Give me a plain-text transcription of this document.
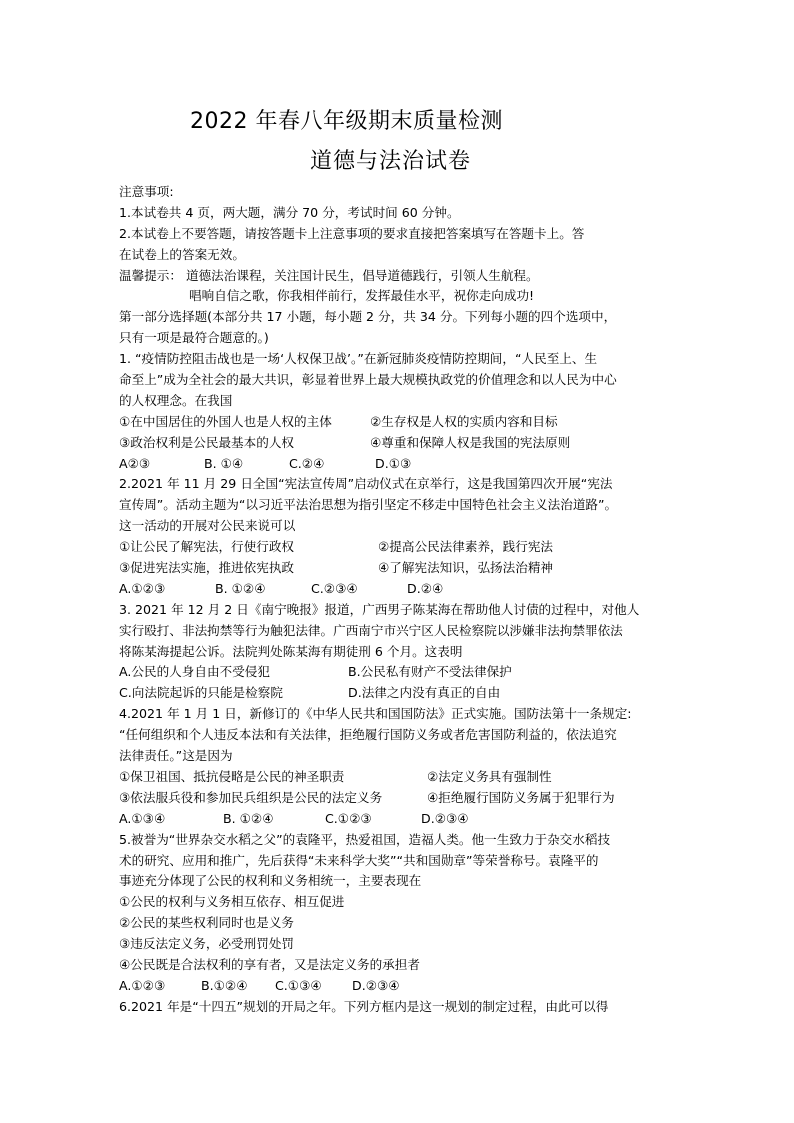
2022 年春八年级期末质量检测
道德与法治试卷
注意事项:
1.本试卷共 4 页，两大题，满分 70 分，考试时间 60 分钟。
2.本试卷上不要答题，请按答题卡上注意事项的要求直接把答案填写在答题卡上。答
在试卷上的答案无效。
温馨提示： 道德法治课程，关注国计民生，倡导道德践行，引领人生航程。
唱响自信之歌，你我相伴前行，发挥最佳水平，祝你走向成功!
第一部分选择题(本部分共 17 小题，每小题 2 分，共 34 分。下列每小题的四个选项中，
只有一项是最符合题意的。)
1. “疫情防控阻击战也是一场‘人权保卫战’。”在新冠肺炎疫情防控期间，“人民至上、生
命至上”成为全社会的最大共识，彰显着世界上最大规模执政党的价值理念和以人民为中心
的人权理念。在我国
①在中国居住的外国人也是人权的主体	②生存权是人权的实质内容和目标
③政治权利是公民最基本的人权	④尊重和保障人权是我国的宪法原则
A②③	B. ①④	C.②④	D.①③
2.2021 年 11 月 29 日全国“宪法宣传周”启动仪式在京举行，这是我国第四次开展“宪法
宣传周”。活动主题为“以习近平法治思想为指引坚定不移走中国特色社会主义法治道路”。
这一活动的开展对公民来说可以
①让公民了解宪法，行使行政权	②提高公民法律素养，践行宪法
③促进宪法实施，推进依宪执政	④了解宪法知识，弘扬法治精神
A.①②③	B. ①②④	C.②③④	D.②④
3. 2021 年 12 月 2 日《南宁晚报》报道，广西男子陈某海在帮助他人讨债的过程中，对他人
实行殴打、非法拘禁等行为触犯法律。广西南宁市兴宁区人民检察院以涉嫌非法拘禁罪依法
将陈某海提起公诉。法院判处陈某海有期徒刑 6 个月。这表明
A.公民的人身自由不受侵犯	B.公民私有财产不受法律保护
C.向法院起诉的只能是检察院	D.法律之内没有真正的自由
4.2021 年 1 月 1 日，新修订的《中华人民共和国国防法》正式实施。国防法第十一条规定:
“任何组织和个人违反本法和有关法律，拒绝履行国防义务或者危害国防利益的，依法追究
法律责任。”这是因为
①保卫祖国、抵抗侵略是公民的神圣职责	②法定义务具有强制性
③依法服兵役和参加民兵组织是公民的法定义务	④拒绝履行国防义务属于犯罪行为
A.①③④	B. ①②④	C.①②③	D.②③④
5.被誉为“世界杂交水稻之父”的袁隆平，热爱祖国，造福人类。他一生致力于杂交水稻技
术的研究、应用和推广，先后获得“未来科学大奖”“共和国勋章”等荣誉称号。袁隆平的
事迹充分体现了公民的权利和义务相统一，主要表现在
①公民的权利与义务相互依存、相互促进
②公民的某些权利同时也是义务
③违反法定义务，必受刑罚处罚
④公民既是合法权利的享有者，又是法定义务的承担者
A.①②③	B.①②④	C.①③④	D.②③④
6.2021 年是“十四五”规划的开局之年。下列方框内是这一规划的制定过程，由此可以得
